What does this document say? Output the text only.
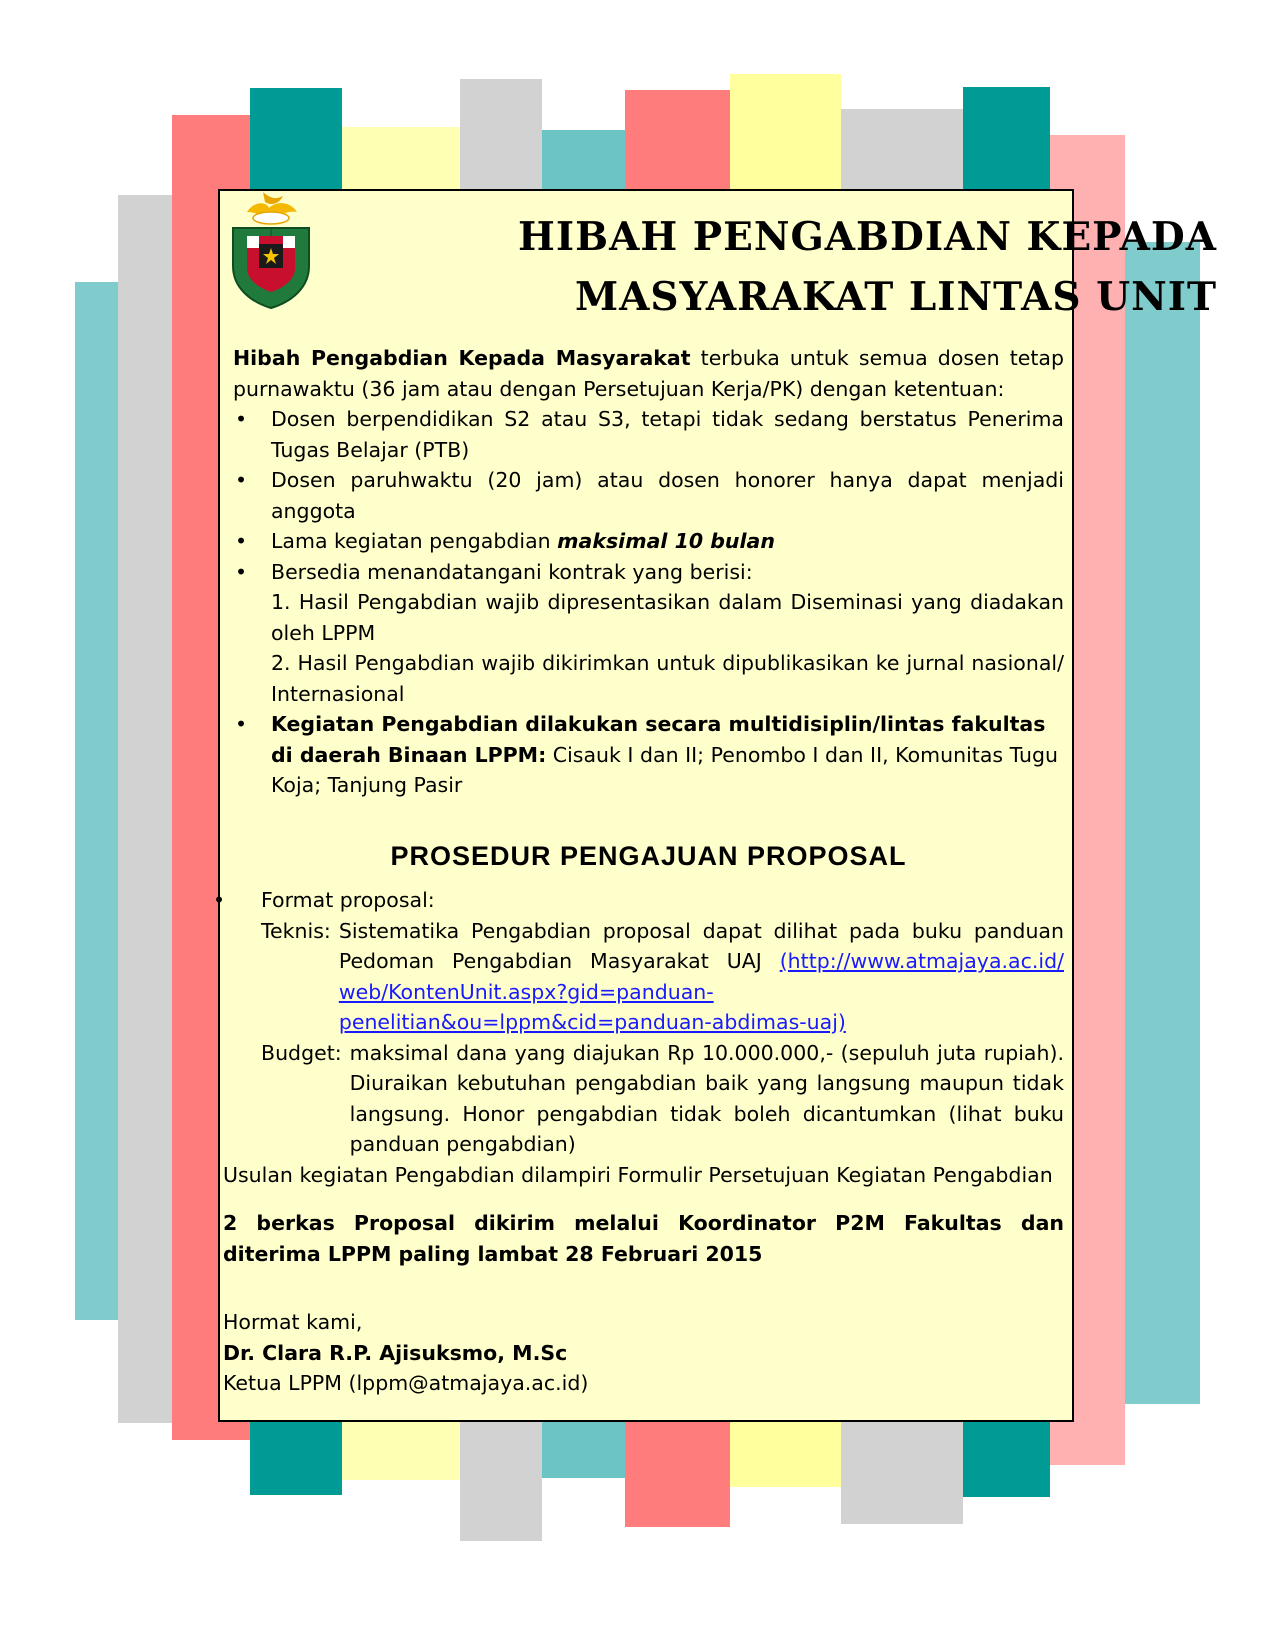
Hibah Pengabdian Kepada Masyarakat terbuka untuk semua dosen tetap purnawaktu (36 jam atau dengan Persetujuan Kerja/PK) dengan ketentuan:

• Dosen berpendidikan S2 atau S3, tetapi tidak sedang berstatus Penerima Tugas Belajar (PTB)

• Dosen paruhwaktu (20 jam) atau dosen honorer hanya dapat menjadi anggota

• Lama kegiatan pengabdian maksimal 10 bulan

• Bersedia menandatangani kontrak yang berisi:

1. Hasil Pengabdian wajib dipresentasikan dalam Diseminasi yang diadakan oleh LPPM

2. Hasil Pengabdian wajib dikirimkan untuk dipublikasikan ke jurnal nasional/ Internasional

• Kegiatan Pengabdian dilakukan secara multidisiplin/lintas fakultas di daerah Binaan LPPM: Cisauk I dan II; Penombo I dan II, Komunitas Tugu Koja; Tanjung Pasir

PROSEDUR PENGAJUAN PROPOSAL

• Format proposal:

Teknis: Sistematika Pengabdian proposal dapat dilihat pada buku panduan Pedoman Pengabdian Masyarakat UAJ (http://www.atmajaya.ac.id/ web/KontenUnit.aspx?gid=panduan-penelitian&ou=lppm&cid=panduan-abdimas-uaj)
Budget: maksimal dana yang diajukan Rp 10.000.000,- (sepuluh juta rupiah). Diuraikan kebutuhan pengabdian baik yang langsung maupun tidak langsung. Honor pengabdian tidak boleh dicantumkan (lihat buku panduan pengabdian)

Usulan kegiatan Pengabdian dilampiri Formulir Persetujuan Kegiatan Pengabdian

2 berkas Proposal dikirim melalui Koordinator P2M Fakultas dan diterima LPPM paling lambat 28 Februari 2015

Hormat kami,

Dr. Clara R.P. Ajisuksmo, M.Sc

Ketua LPPM (lppm@atmajaya.ac.id)

HIBAH PENGABDIAN KEPADA
MASYARAKAT LINTAS UNIT
